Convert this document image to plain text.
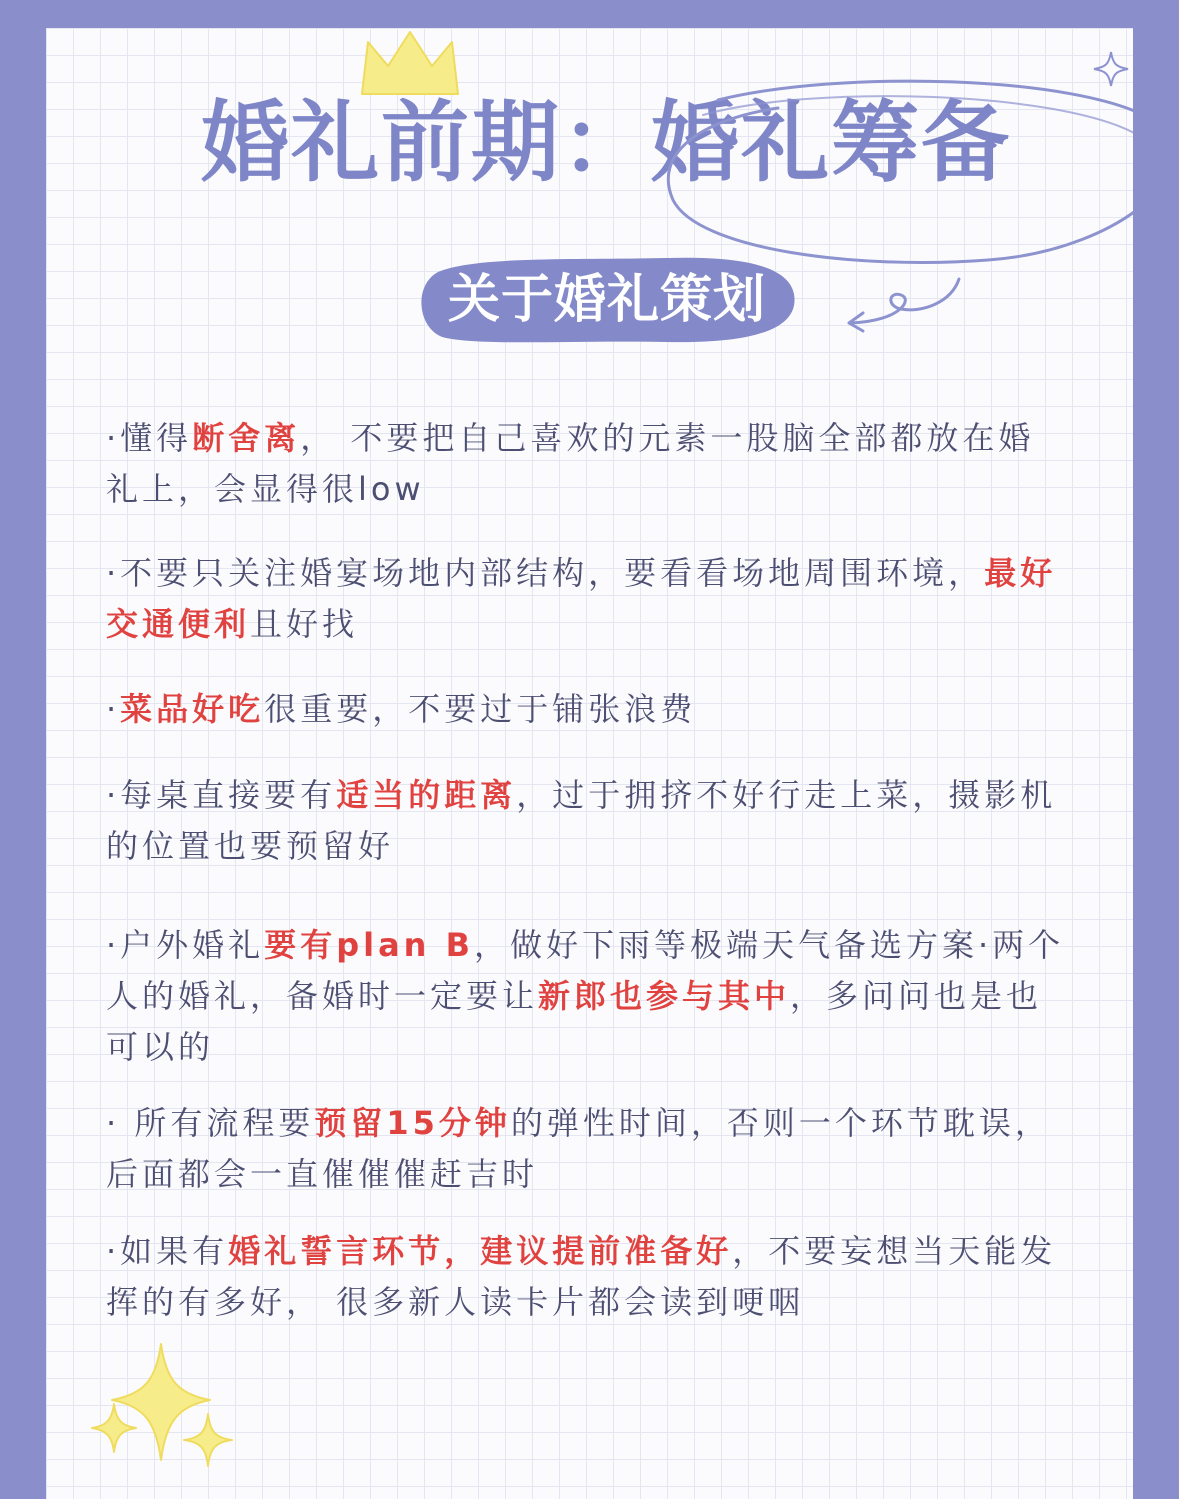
婚礼前期：婚礼筹备
关于婚礼策划

·懂得断舍离， 不要把自己喜欢的元素一股脑全部都放在婚礼上，会显得很low

·不要只关注婚宴场地内部结构，要看看场地周围环境，最好交通便利且好找

·菜品好吃很重要，不要过于铺张浪费

·每桌直接要有适当的距离，过于拥挤不好行走上菜，摄影机的位置也要预留好

·户外婚礼要有plan B，做好下雨等极端天气备选方案·两个人的婚礼，备婚时一定要让新郎也参与其中，多问问也是也可以的

· 所有流程要预留15分钟的弹性时间，否则一个环节耽误，后面都会一直催催催赶吉时

·如果有婚礼誓言环节，建议提前准备好，不要妄想当天能发挥的有多好， 很多新人读卡片都会读到哽咽
